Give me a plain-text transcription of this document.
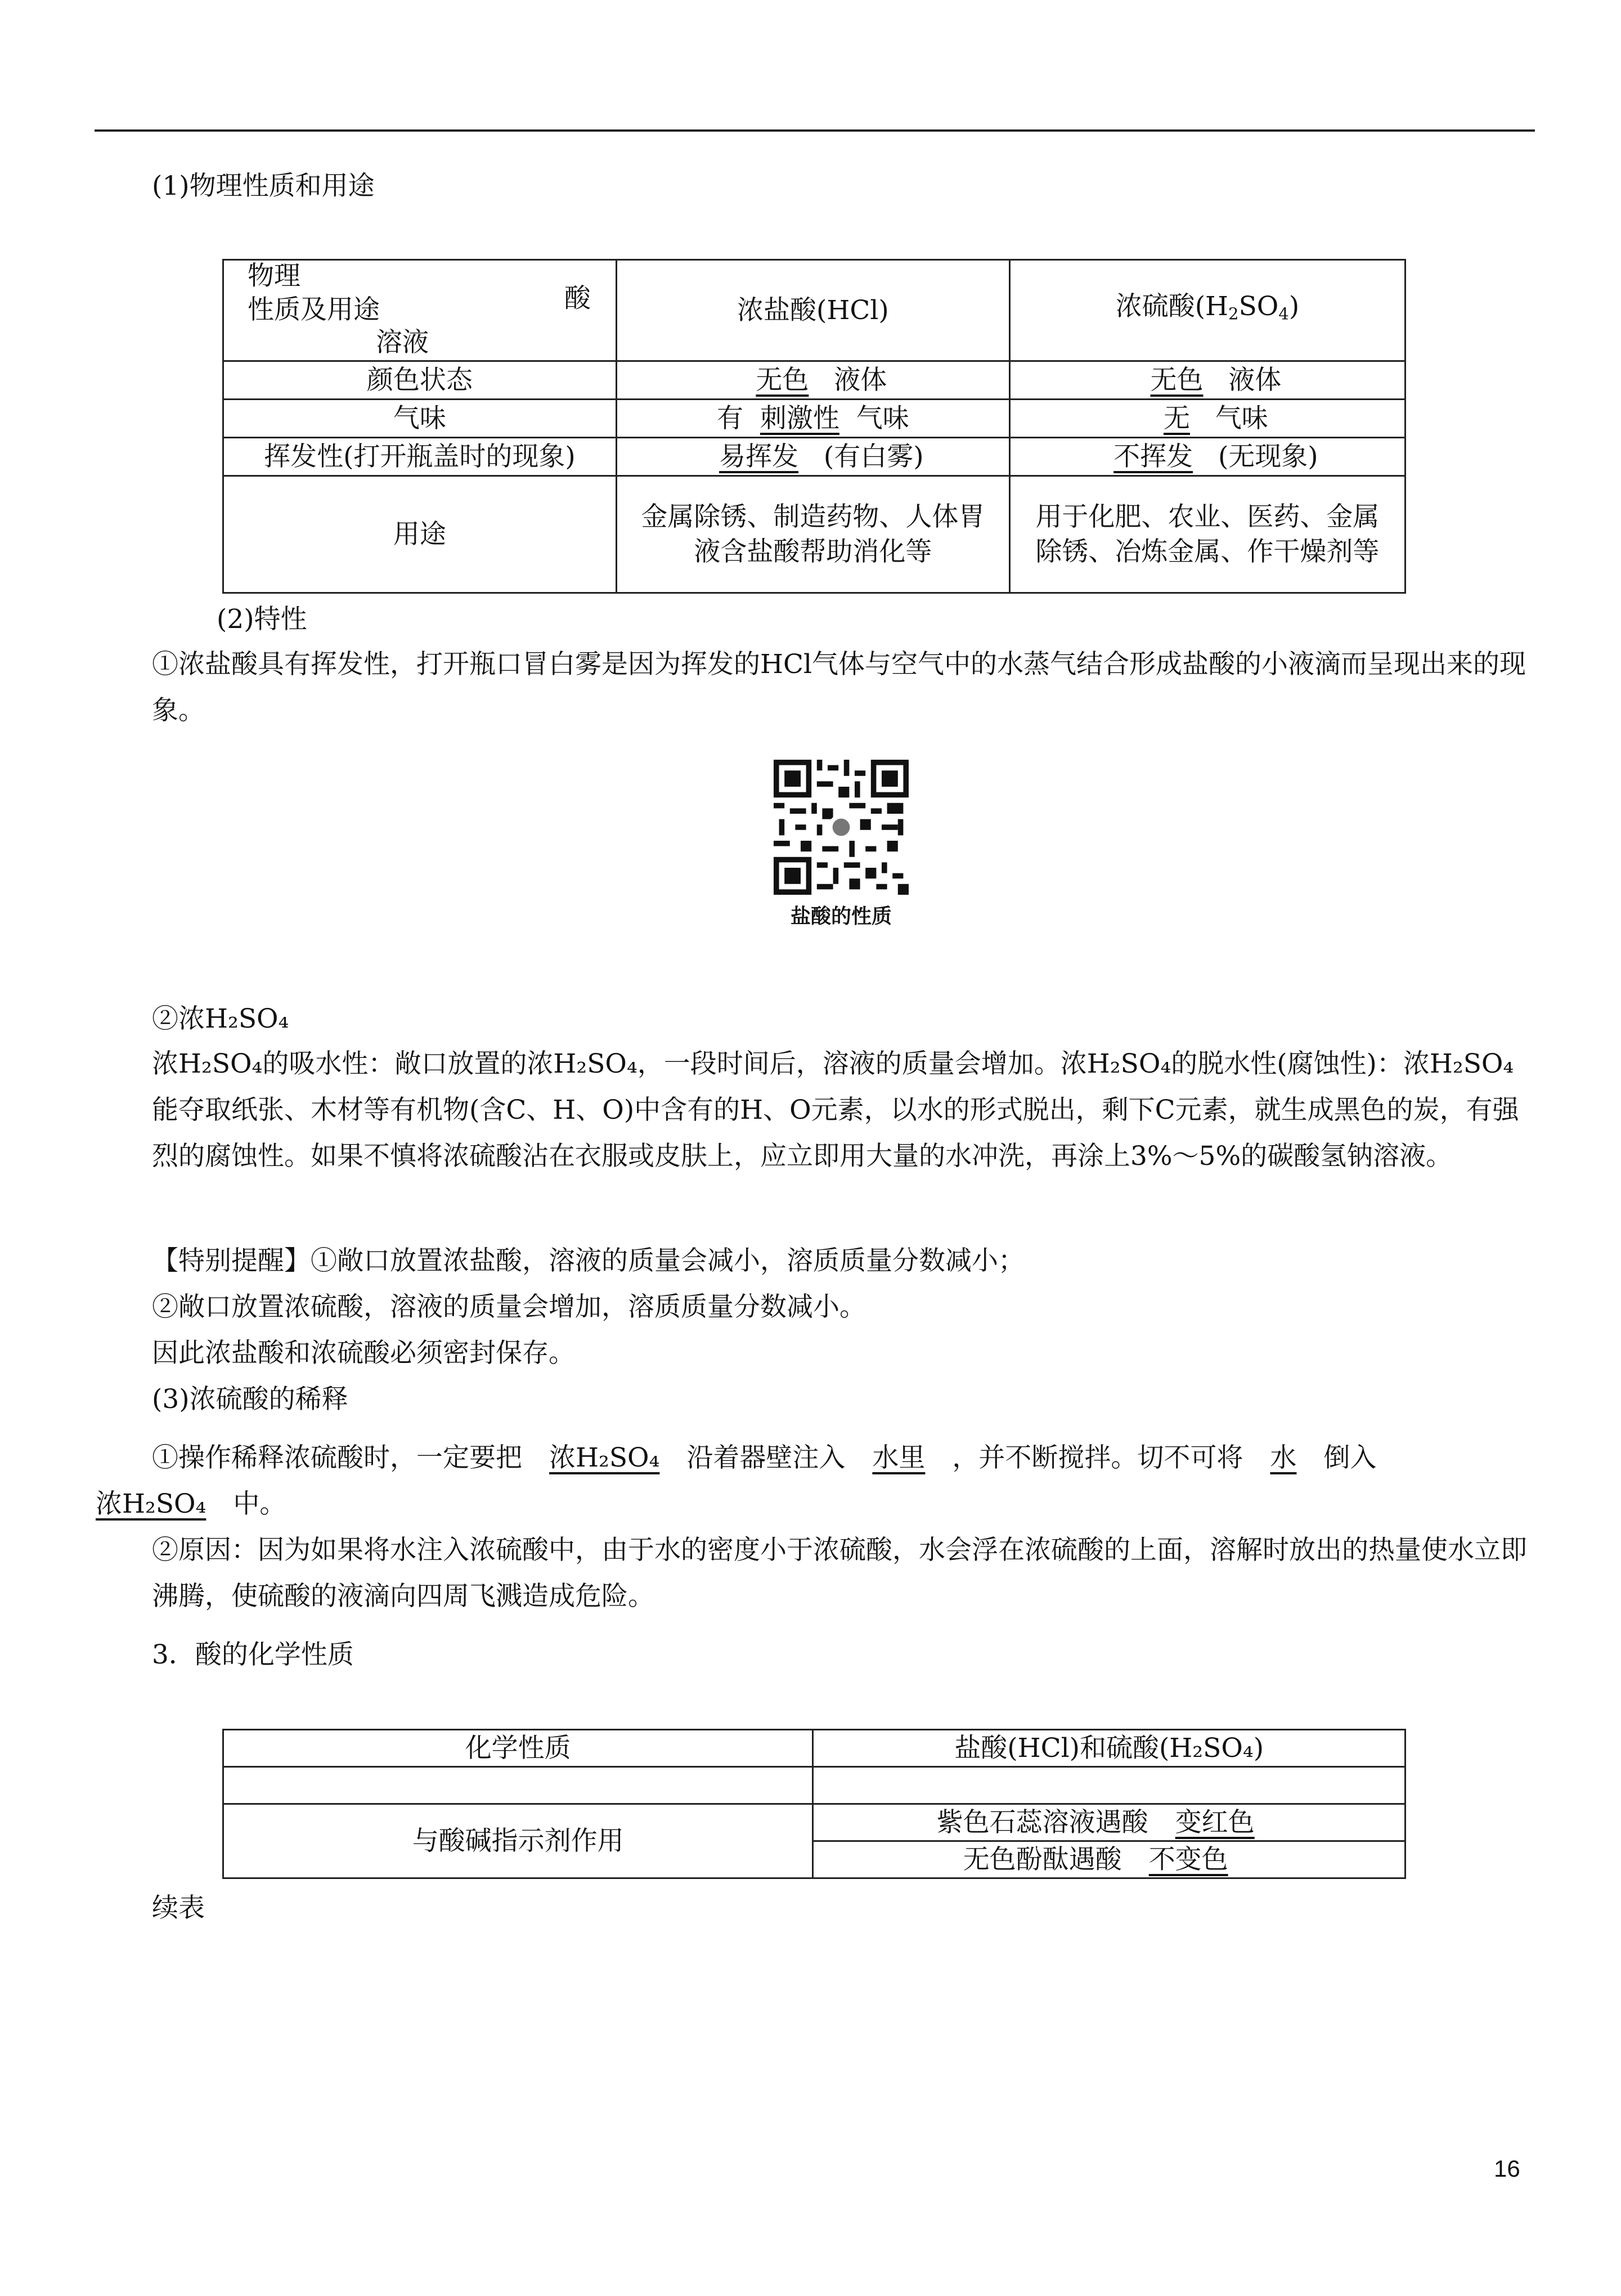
(1)物理性质和用途
物理
性质及用途 酸
溶液	浓盐酸(HCl)	浓硫酸$(H_2SO_4)$
颜色状态	无色 液体	无色 液体
气味	有 刺激性 气味	无 气味
挥发性(打开瓶盖时的现象)	易挥发 (有白雾)	不挥发 (无现象)
用途	金属除锈、制造药物、人体胃液含盐酸帮助消化等	用于化肥、农业、医药、金属除锈、冶炼金属、作干燥剂等
(2)特性
①浓盐酸具有挥发性，打开瓶口冒白雾是因为挥发的HCl气体与空气中的水蒸气结合形成盐酸的小液滴而呈现出来的现象。
盐酸的性质
②浓H₂SO₄
浓H₂SO₄的吸水性：敞口放置的浓H₂SO₄，一段时间后，溶液的质量会增加。浓H₂SO₄的脱水性(腐蚀性)：浓H₂SO₄能夺取纸张、木材等有机物(含C、H、O)中含有的H、O元素，以水的形式脱出，剩下C元素，就生成黑色的炭，有强烈的腐蚀性。如果不慎将浓硫酸沾在衣服或皮肤上，应立即用大量的水冲洗，再涂上3%～5%的碳酸氢钠溶液。
【特别提醒】①敞口放置浓盐酸，溶液的质量会减小，溶质质量分数减小；
②敞口放置浓硫酸，溶液的质量会增加，溶质质量分数减小。
因此浓盐酸和浓硫酸必须密封保存。
(3)浓硫酸的稀释
①操作稀释浓硫酸时，一定要把 浓H₂SO₄ 沿着器壁注入 水里 ，并不断搅拌。切不可将 水 倒入
浓H₂SO₄ 中。
②原因：因为如果将水注入浓硫酸中，由于水的密度小于浓硫酸，水会浮在浓硫酸的上面，溶解时放出的热量使水立即沸腾，使硫酸的液滴向四周飞溅造成危险。
3．酸的化学性质
化学性质	盐酸(HCl)和硫酸(H₂SO₄)

与酸碱指示剂作用	紫色石蕊溶液遇酸 变红色
	无色酚酞遇酸 不变色
续表
16
